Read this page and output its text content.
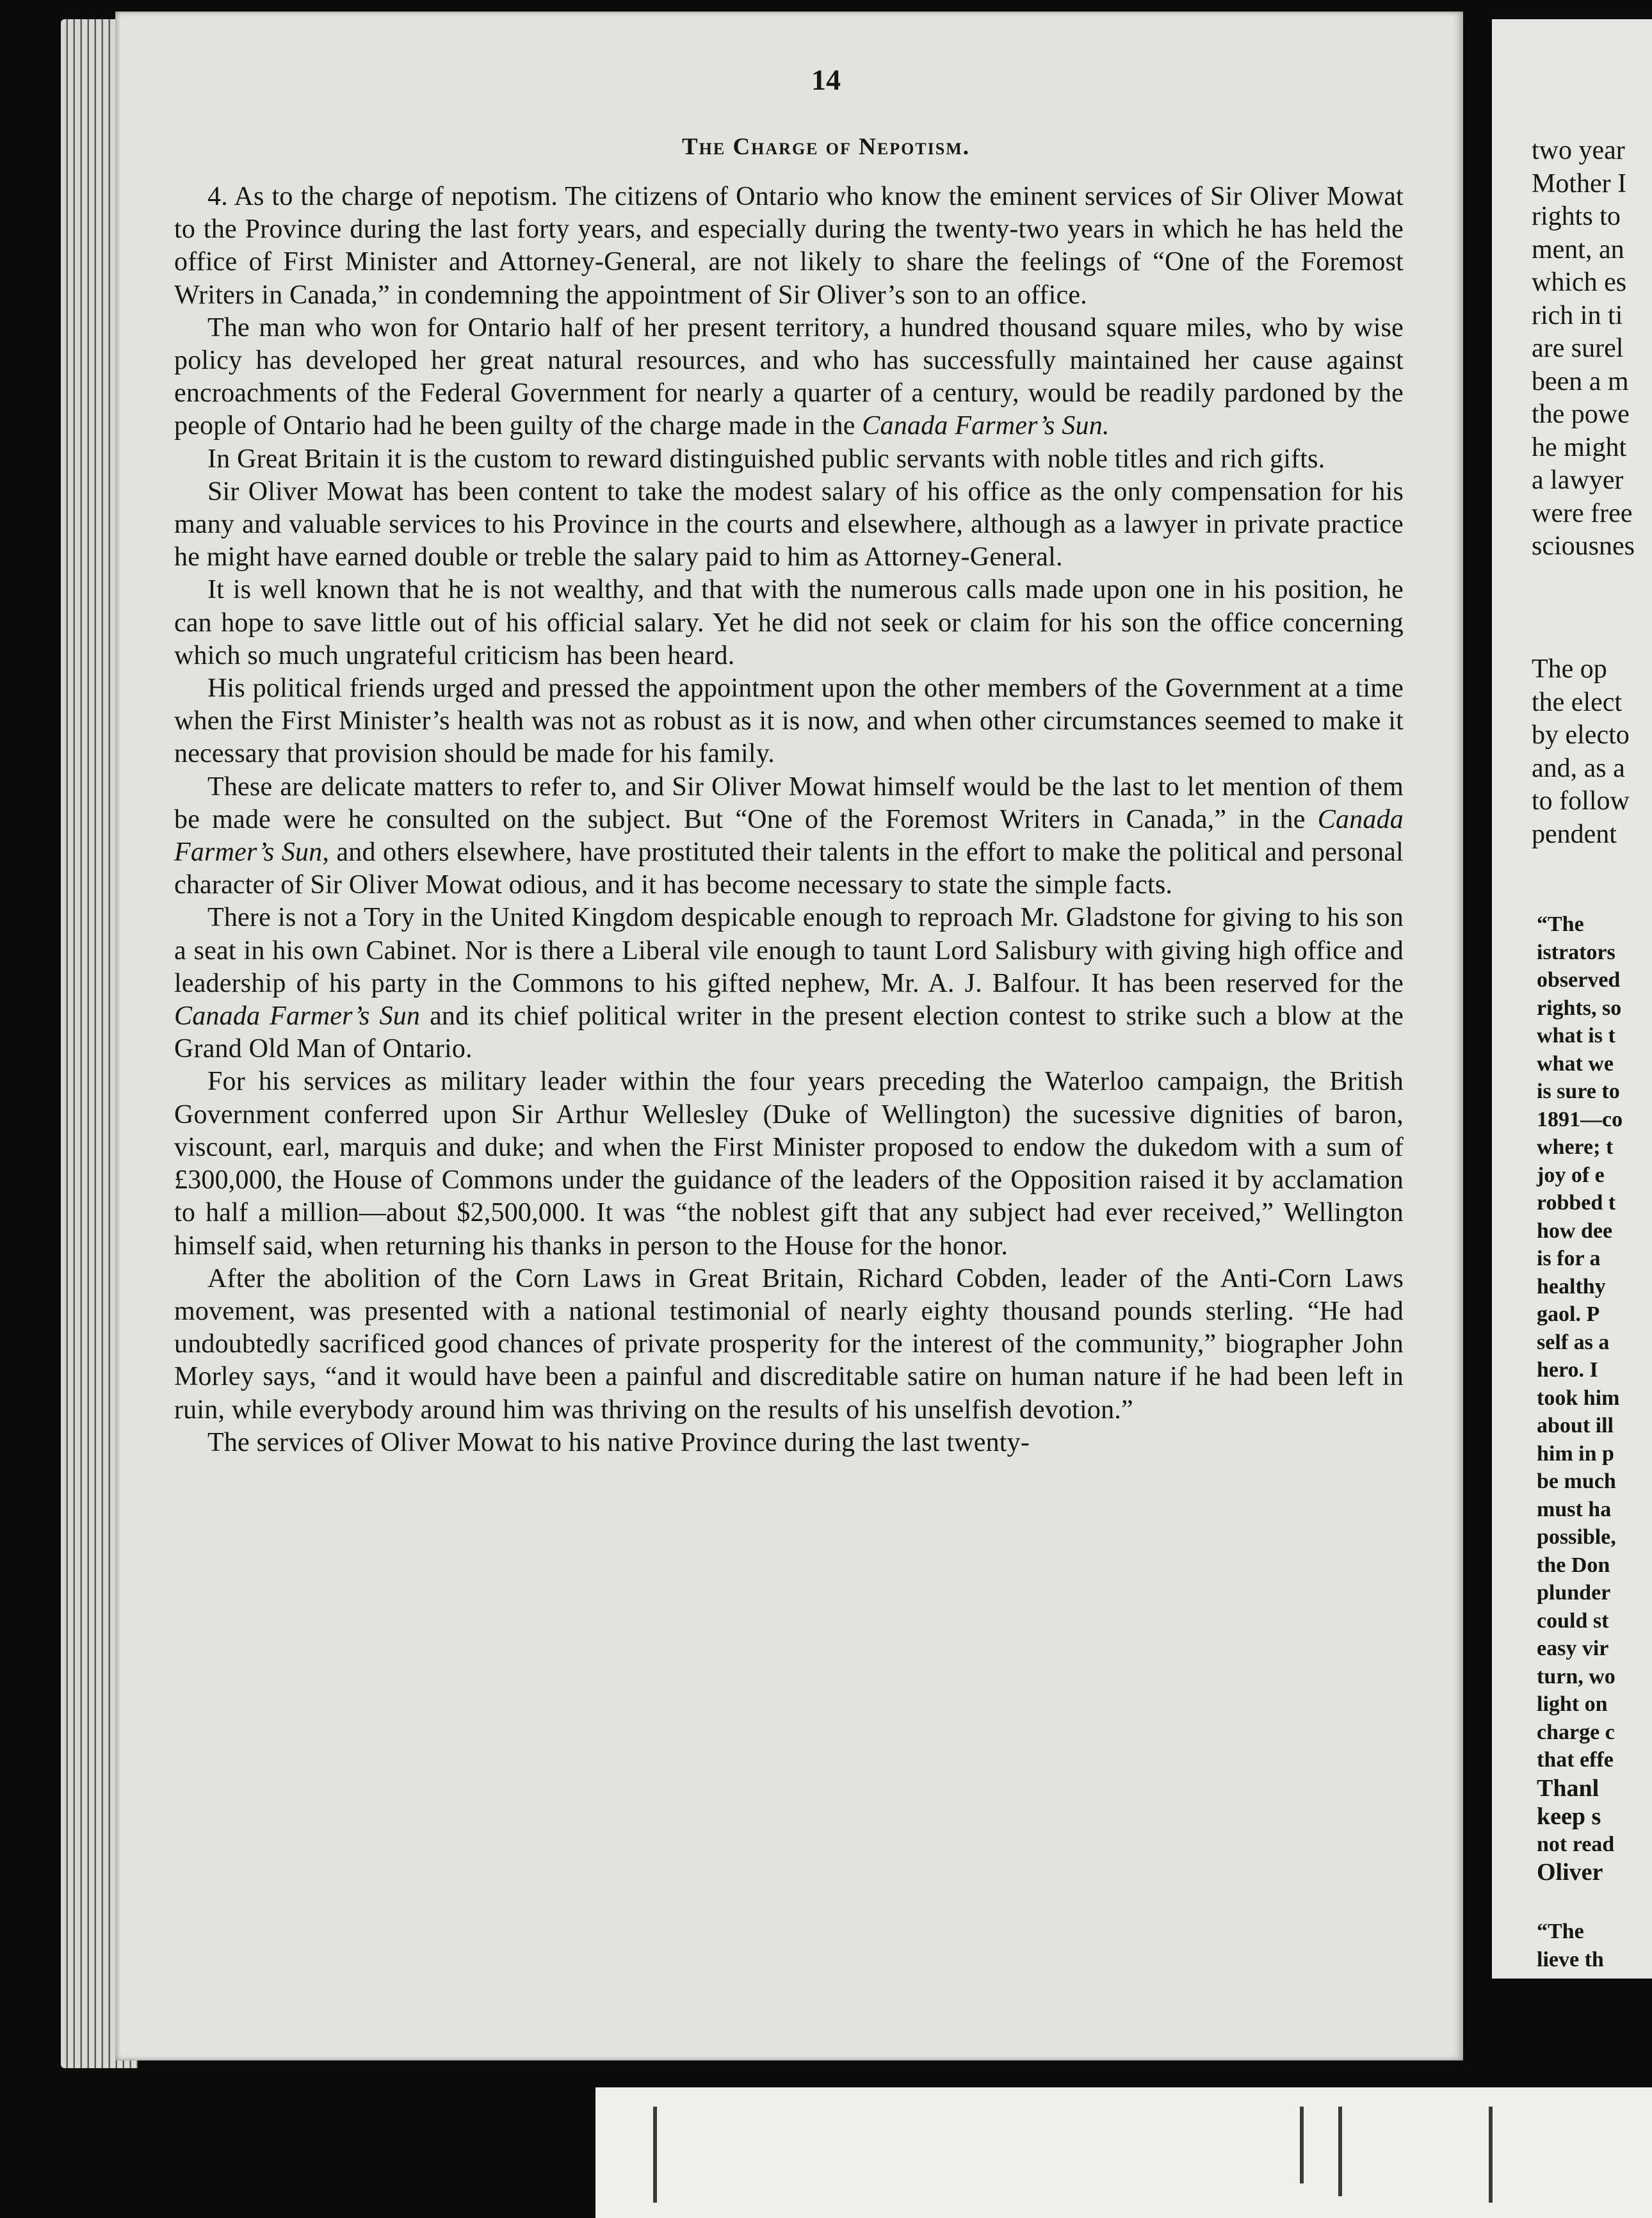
14
The Charge of Nepotism.

4. As to the charge of nepotism. The citizens of Ontario who know the eminent services of Sir Oliver Mowat to the Province during the last forty years, and especially during the twenty-two years in which he has held the office of First Minister and Attorney-General, are not likely to share the feelings of “One of the Foremost Writers in Canada,” in condemning the appointment of Sir Oliver’s son to an office.

The man who won for Ontario half of her present territory, a hundred thousand square miles, who by wise policy has developed her great natural resources, and who has successfully maintained her cause against encroachments of the Federal Government for nearly a quarter of a century, would be readily pardoned by the people of Ontario had he been guilty of the charge made in the Canada Farmer’s Sun.

In Great Britain it is the custom to reward distinguished public servants with noble titles and rich gifts.

Sir Oliver Mowat has been content to take the modest salary of his office as the only compensation for his many and valuable services to his Province in the courts and elsewhere, although as a lawyer in private practice he might have earned double or treble the salary paid to him as Attorney-General.

It is well known that he is not wealthy, and that with the numerous calls made upon one in his position, he can hope to save little out of his official salary. Yet he did not seek or claim for his son the office concerning which so much ungrateful criticism has been heard.

His political friends urged and pressed the appointment upon the other members of the Government at a time when the First Minister’s health was not as robust as it is now, and when other circumstances seemed to make it necessary that provision should be made for his family.

These are delicate matters to refer to, and Sir Oliver Mowat himself would be the last to let mention of them be made were he consulted on the subject. But “One of the Foremost Writers in Canada,” in the Canada Farmer’s Sun, and others elsewhere, have prostituted their talents in the effort to make the political and personal character of Sir Oliver Mowat odious, and it has become necessary to state the simple facts.

There is not a Tory in the United Kingdom despicable enough to reproach Mr. Gladstone for giving to his son a seat in his own Cabinet. Nor is there a Liberal vile enough to taunt Lord Salisbury with giving high office and leadership of his party in the Commons to his gifted nephew, Mr. A. J. Balfour. It has been reserved for the Canada Farmer’s Sun and its chief political writer in the present election contest to strike such a blow at the Grand Old Man of Ontario.

For his services as military leader within the four years preceding the Waterloo campaign, the British Government conferred upon Sir Arthur Wellesley (Duke of Wellington) the sucessive dignities of baron, viscount, earl, marquis and duke; and when the First Minister proposed to endow the dukedom with a sum of £300,000, the House of Commons under the guidance of the leaders of the Opposition raised it by acclamation to half a million—about $2,500,000. It was “the noblest gift that any subject had ever received,” Wellington himself said, when returning his thanks in person to the House for the honor.

After the abolition of the Corn Laws in Great Britain, Richard Cobden, leader of the Anti-Corn Laws movement, was presented with a national testimonial of nearly eighty thousand pounds sterling. “He had undoubtedly sacrificed good chances of private prosperity for the interest of the community,” biographer John Morley says, “and it would have been a painful and discreditable satire on human nature if he had been left in ruin, while everybody around him was thriving on the results of his unselfish devotion.”

The services of Oliver Mowat to his native Province during the last twenty-

two year
Mother I
rights to
ment, an
which es
rich in ti
are surel
been a m
the powe
he might
a lawyer
were free
sciousnes
The op
the elect
by electo
and, as a
to follow
pendent
“The
istrators
observed
rights, so
what is t
what we
is sure to
1891—co
where; t
joy of e
robbed t
how dee
is for a
healthy
gaol. P
self as a
hero. I
took him
about ill
him in p
be much
must ha
possible,
the Don
plunder
could st
easy vir
turn, wo
light on
charge c
that effe
Thanl
keep s
not read
Oliver
“The
lieve th
